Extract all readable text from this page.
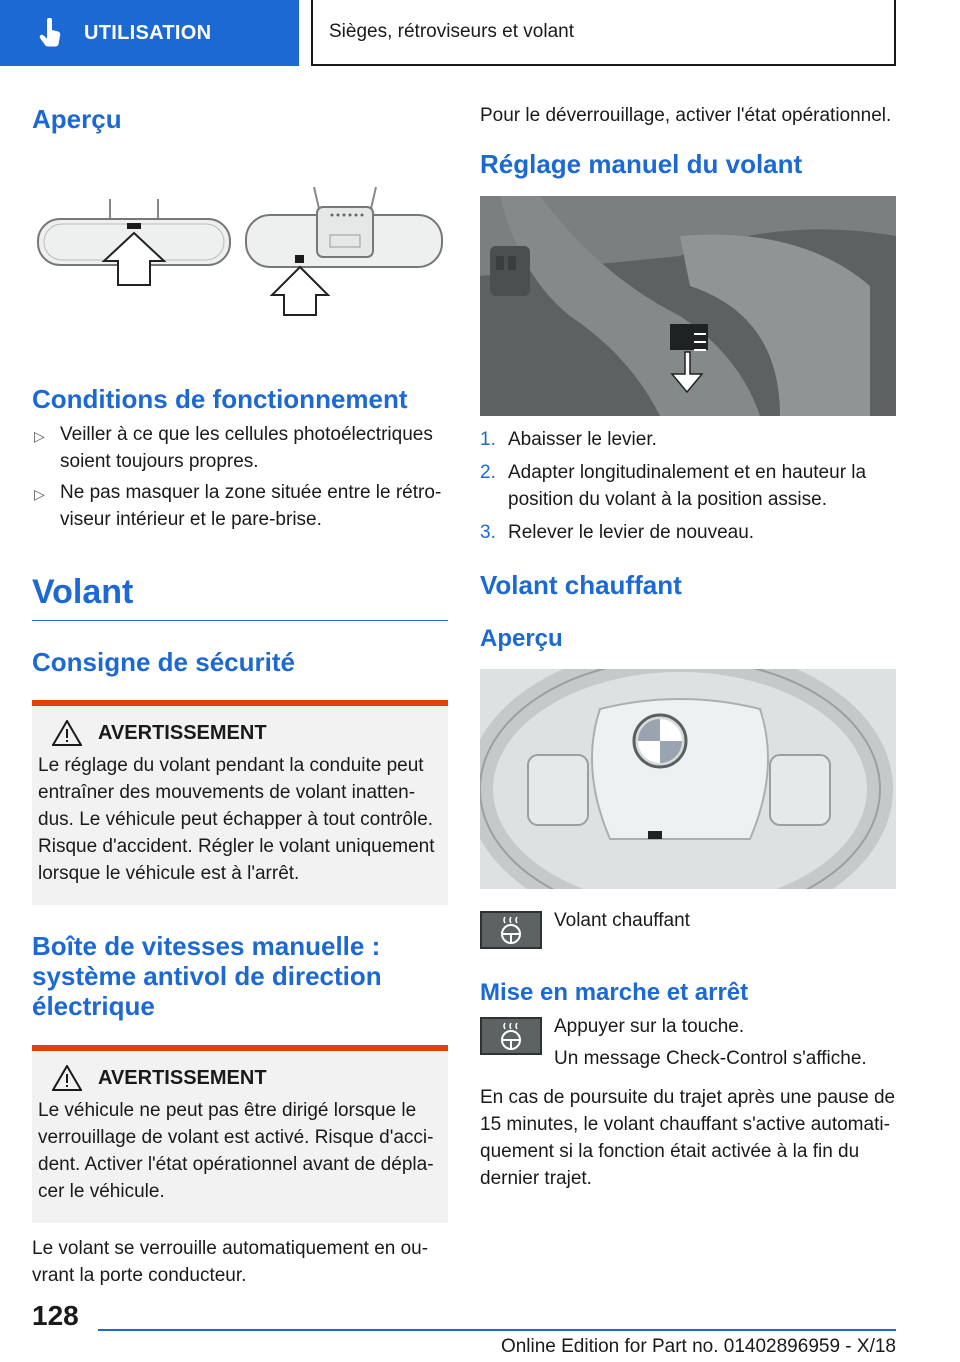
UTILISATION	Sièges, rétroviseurs et volant
Aperçu
Conditions de fonctionnement
▷ Veiller à ce que les cellules photoélectriques soient toujours propres.
▷ Ne pas masquer la zone située entre le rétroviseur intérieur et le pare-brise.
Volant
Consigne de sécurité
AVERTISSEMENT

Le réglage du volant pendant la conduite peut entraîner des mouvements de volant inattendus. Le véhicule peut échapper à tout contrôle. Risque d'accident. Régler le volant uniquement lorsque le véhicule est à l'arrêt.

Boîte de vitesses manuelle : système antivol de direction électrique
AVERTISSEMENT

Le véhicule ne peut pas être dirigé lorsque le verrouillage de volant est activé. Risque d'accident. Activer l'état opérationnel avant de déplacer le véhicule.

Le volant se verrouille automatiquement en ouvrant la porte conducteur.

Pour le déverrouillage, activer l'état opérationnel.

Réglage manuel du volant
1. Abaisser le levier.
2. Adapter longitudinalement et en hauteur la position du volant à la position assise.
3. Relever le levier de nouveau.
Volant chauffant
Aperçu

Volant chauffant

Mise en marche et arrêt

Appuyer sur la touche.

Un message Check-Control s'affiche.

En cas de poursuite du trajet après une pause de 15 minutes, le volant chauffant s'active automatiquement si la fonction était activée à la fin du dernier trajet.

128
Online Edition for Part no. 01402896959 - X/18
